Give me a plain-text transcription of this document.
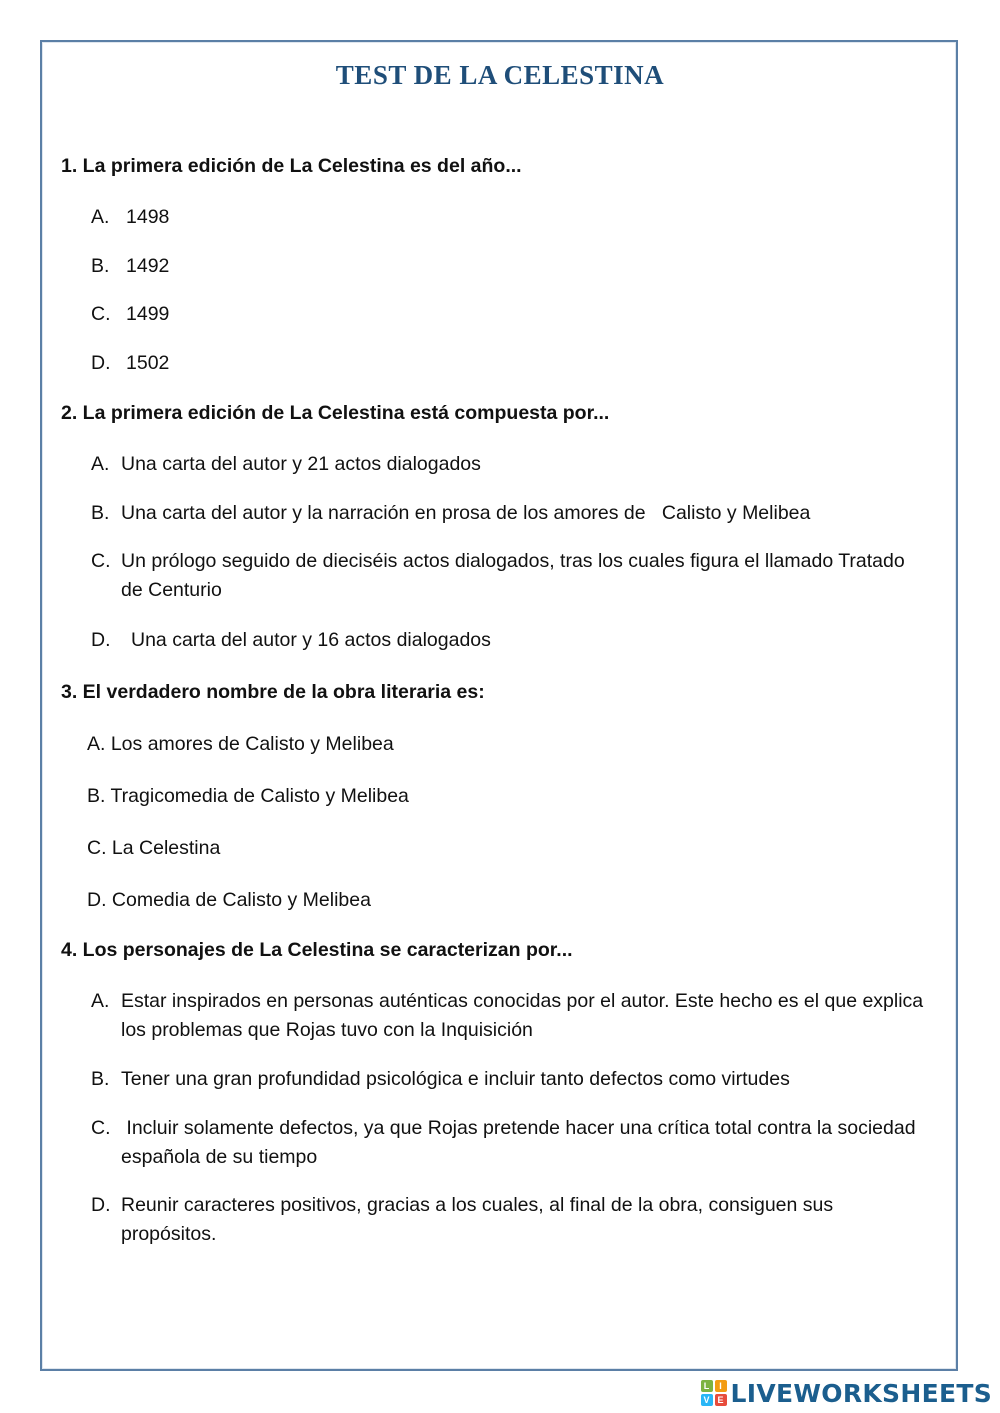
TEST DE LA CELESTINA
1. La primera edición de La Celestina es del año...
A. 1498
B. 1492
C. 1499
D. 1502
2. La primera edición de La Celestina está compuesta por...
A. Una carta del autor y 21 actos dialogados
B. Una carta del autor y la narración en prosa de los amores de   Calisto y Melibea
C. Un prólogo seguido de dieciséis actos dialogados, tras los cuales figura el llamado Tratado de Centurio
D. Una carta del autor y 16 actos dialogados
3. El verdadero nombre de la obra literaria es:
A. Los amores de Calisto y Melibea
B. Tragicomedia de Calisto y Melibea
C. La Celestina
D. Comedia de Calisto y Melibea
4. Los personajes de La Celestina se caracterizan por...
A. Estar inspirados en personas auténticas conocidas por el autor. Este hecho es el que explica los problemas que Rojas tuvo con la Inquisición
B. Tener una gran profundidad psicológica e incluir tanto defectos como virtudes
C. Incluir solamente defectos, ya que Rojas pretende hacer una crítica total contra la sociedad española de su tiempo
D. Reunir caracteres positivos, gracias a los cuales, al final de la obra, consiguen sus propósitos.
L	I
V E LIVEWORKSHEETS
